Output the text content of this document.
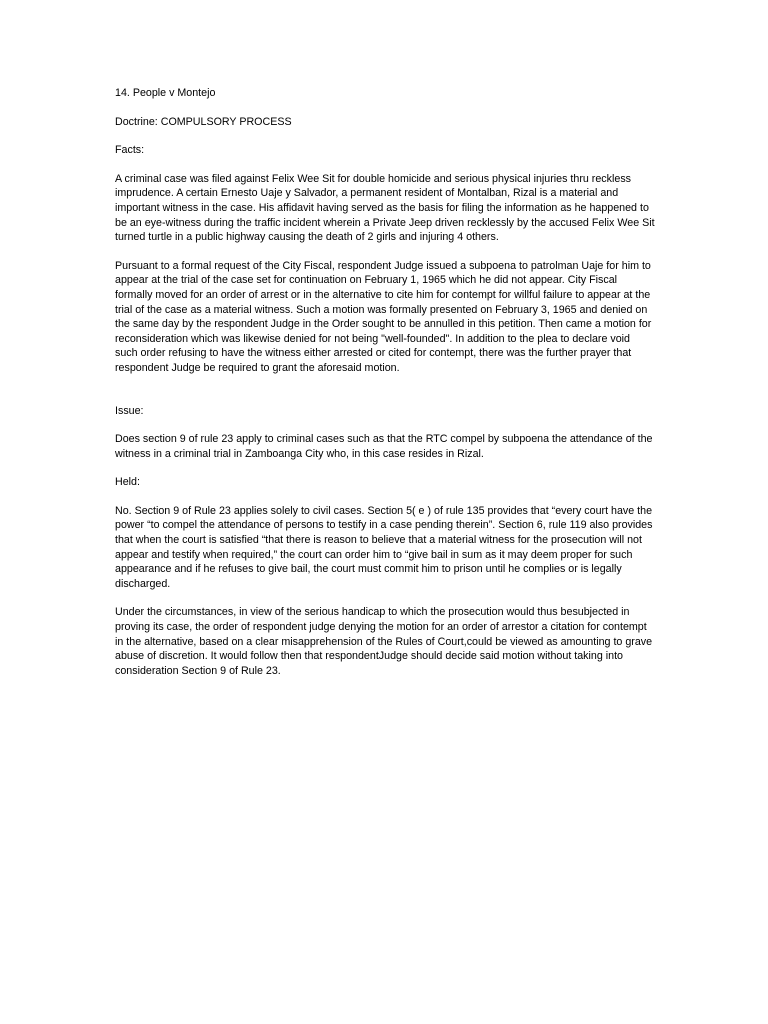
14. People v Montejo

Doctrine: COMPULSORY PROCESS

Facts:

A criminal case was filed against Felix Wee Sit for double homicide and serious physical injuries thru reckless imprudence. A certain Ernesto Uaje y Salvador, a permanent resident of Montalban, Rizal is a material and important witness in the case. His affidavit having served as the basis for filing the information as he happened to be an eye-witness during the traffic incident wherein a Private Jeep driven recklessly by the accused Felix Wee Sit turned turtle in a public highway causing the death of 2 girls and injuring 4 others.

Pursuant to a formal request of the City Fiscal, respondent Judge issued a subpoena to patrolman Uaje for him to appear at the trial of the case set for continuation on February 1, 1965 which he did not appear. City Fiscal formally moved for an order of arrest or in the alternative to cite him for contempt for willful failure to appear at the trial of the case as a material witness. Such a motion was formally presented on February 3, 1965 and denied on the same day by the respondent Judge in the Order sought to be annulled in this petition. Then came a motion for reconsideration which was likewise denied for not being "well-founded". In addition to the plea to declare void such order refusing to have the witness either arrested or cited for contempt, there was the further prayer that respondent Judge be required to grant the aforesaid motion.

Issue:

Does section 9 of rule 23 apply to criminal cases such as that the RTC compel by subpoena the attendance of the witness in a criminal trial in Zamboanga City who, in this case resides in Rizal.

Held:

No. Section 9 of Rule 23 applies solely to civil cases. Section 5( e ) of rule 135 provides that “every court have the power “to compel the attendance of persons to testify in a case pending therein”. Section 6, rule 119 also provides that when the court is satisfied “that there is reason to believe that a material witness for the prosecution will not appear and testify when required,” the court can order him to “give bail in sum as it may deem proper for such appearance and if he refuses to give bail, the court must commit him to prison until he complies or is legally discharged.

Under the circumstances, in view of the serious handicap to which the prosecution would thus besubjected in proving its case, the order of respondent judge denying the motion for an order of arrestor a citation for contempt in the alternative, based on a clear misapprehension of the Rules of Court,could be viewed as amounting to grave abuse of discretion. It would follow then that respondentJudge should decide said motion without taking into consideration Section 9 of Rule 23.
